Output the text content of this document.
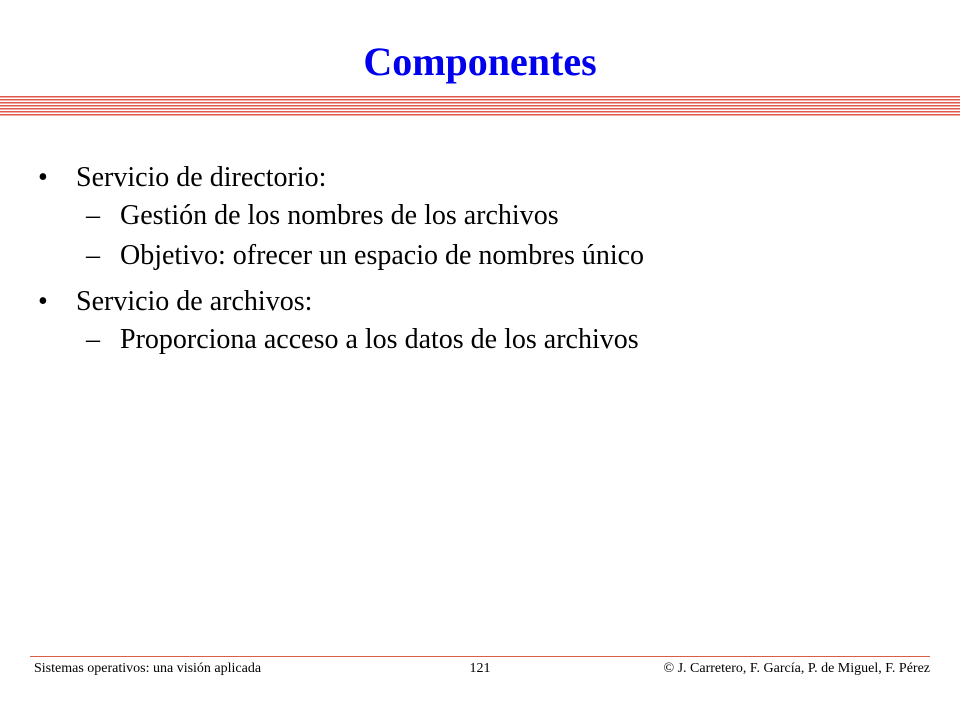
Componentes
•	Servicio de directorio:
– Gestión de los nombres de los archivos
– Objetivo: ofrecer un espacio de nombres único
•	Servicio de archivos:
– Proporciona acceso a los datos de los archivos
Sistemas operativos: una visión aplicada	121	© J. Carretero, F. García, P. de Miguel, F. Pérez
